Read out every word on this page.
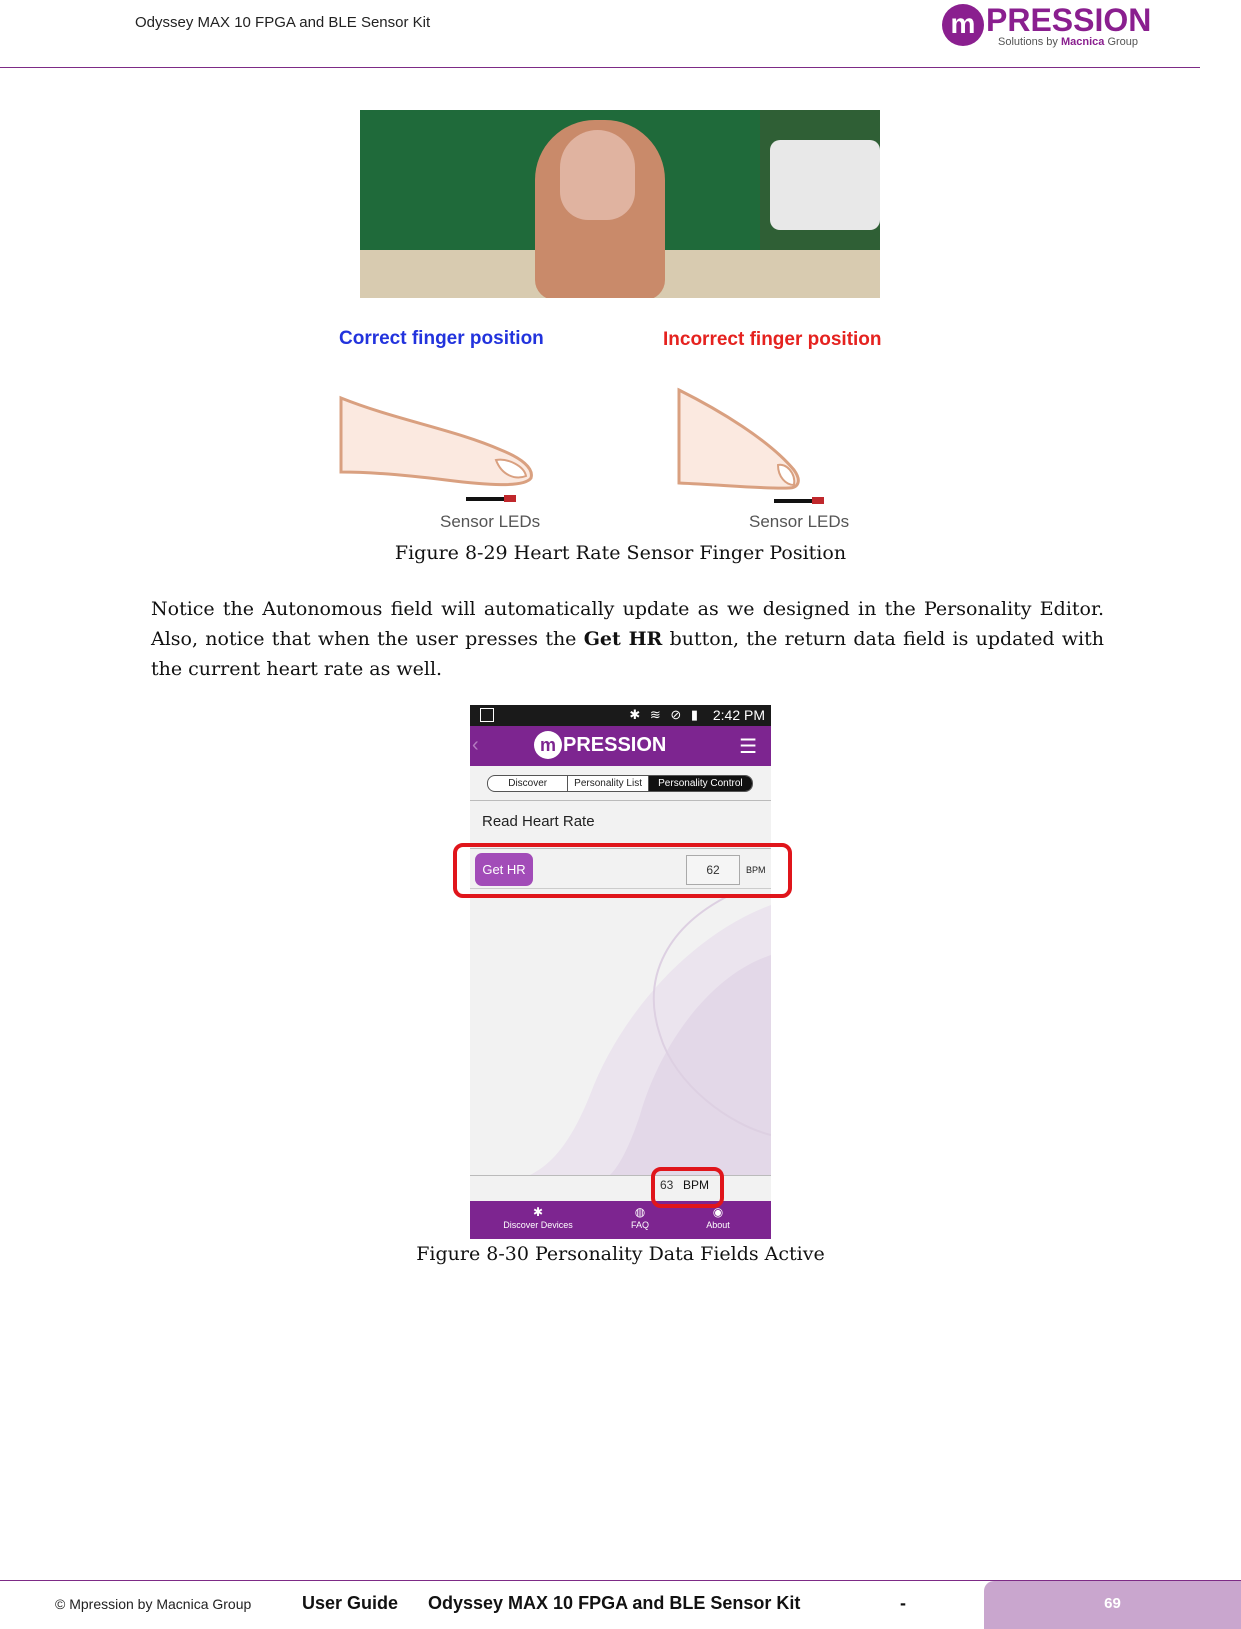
Odyssey MAX 10 FPGA and BLE Sensor Kit	m PRESSION
Solutions by Macnica Group
Correct finger position	Incorrect finger position
Sensor LEDs	Sensor LEDs
Figure 8-29 Heart Rate Sensor Finger Position
Notice the Autonomous field will automatically update as we designed in the Personality Editor. Also, notice that when the user presses the Get HR button, the return data field is updated with the current heart rate as well.
✱ ≋ ⊘ ▮ 2:42 PM
‹	m PRESSION	☰
Discover	Personality List	Personality Control
Read Heart Rate
Get HR	62	BPM
63 BPM
✱
Discover Devices
◍
FAQ
◉
About
Figure 8-30 Personality Data Fields Active
© Mpression by Macnica Group	User Guide Odyssey MAX 10 FPGA and BLE Sensor Kit	-	69
